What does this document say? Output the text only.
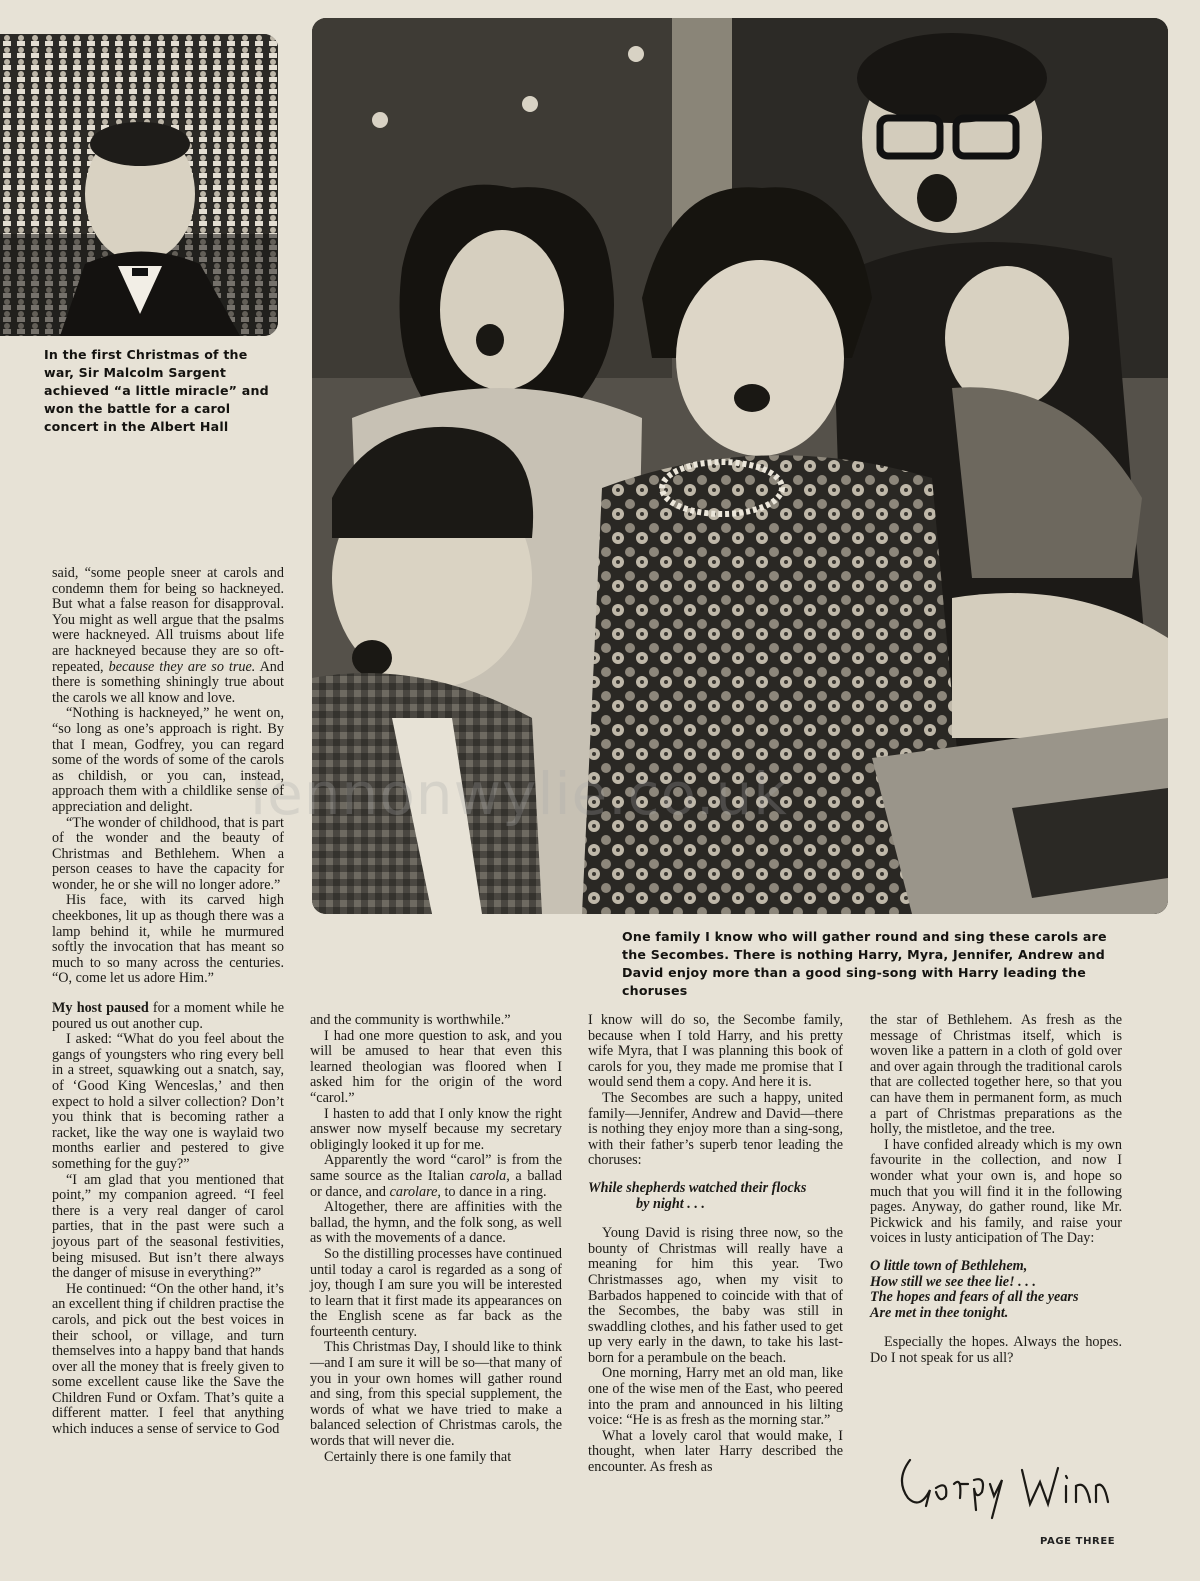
In the first Christmas of the war, Sir Malcolm Sargent achieved “a little miracle” and won the battle for a carol concert in the Albert Hall
One family I know who will gather round and sing these carols are the Secombes. There is nothing Harry, Myra, Jennifer, Andrew and David enjoy more than a good sing-song with Harry leading the choruses
lennonwylie.co.uk

said, “some people sneer at carols and condemn them for being so hackneyed. But what a false reason for disapproval. You might as well argue that the psalms were hackneyed. All truisms about life are hackneyed because they are so oft-repeated, because they are so true. And there is something shiningly true about the carols we all know and love.

“Nothing is hackneyed,” he went on, “so long as one’s approach is right. By that I mean, Godfrey, you can regard some of the words of some of the carols as childish, or you can, instead, approach them with a childlike sense of appreciation and delight.

“The wonder of childhood, that is part of the wonder and the beauty of Christmas and Bethlehem. When a person ceases to have the capacity for wonder, he or she will no longer adore.”

His face, with its carved high cheekbones, lit up as though there was a lamp behind it, while he murmured softly the invocation that has meant so much to so many across the centuries. “O, come let us adore Him.”

My host paused for a moment while he poured us out another cup.

I asked: “What do you feel about the gangs of youngsters who ring every bell in a street, squawking out a snatch, say, of ‘Good King Wenceslas,’ and then expect to hold a silver collection? Don’t you think that is becoming rather a racket, like the way one is waylaid two months earlier and pestered to give something for the guy?”

“I am glad that you mentioned that point,” my companion agreed. “I feel there is a very real danger of carol parties, that in the past were such a joyous part of the seasonal festivities, being misused. But isn’t there always the danger of misuse in everything?”

He continued: “On the other hand, it’s an excellent thing if children practise the carols, and pick out the best voices in their school, or village, and turn themselves into a happy band that hands over all the money that is freely given to some excellent cause like the Save the Children Fund or Oxfam. That’s quite a different matter. I feel that anything which induces a sense of service to God

and the community is worthwhile.”

I had one more question to ask, and you will be amused to hear that even this learned theologian was floored when I asked him for the origin of the word “carol.”

I hasten to add that I only know the right answer now myself because my secretary obligingly looked it up for me.

Apparently the word “carol” is from the same source as the Italian carola, a ballad or dance, and carolare, to dance in a ring.

Altogether, there are affinities with the ballad, the hymn, and the folk song, as well as with the movements of a dance.

So the distilling processes have continued until today a carol is regarded as a song of joy, though I am sure you will be interested to learn that it first made its appearances on the English scene as far back as the fourteenth century.

This Christmas Day, I should like to think—and I am sure it will be so—that many of you in your own homes will gather round and sing, from this special supplement, the words of what we have tried to make a balanced selection of Christmas carols, the words that will never die.

Certainly there is one family that

I know will do so, the Secombe family, because when I told Harry, and his pretty wife Myra, that I was planning this book of carols for you, they made me promise that I would send them a copy. And here it is.

The Secombes are such a happy, united family—Jennifer, Andrew and David—there is nothing they enjoy more than a sing-song, with their father’s superb tenor leading the choruses:

While shepherds watched their flocks

by night . . .

Young David is rising three now, so the bounty of Christmas will really have a meaning for him this year. Two Christmasses ago, when my visit to Barbados happened to coincide with that of the Secombes, the baby was still in swaddling clothes, and his father used to get up very early in the dawn, to take his last-born for a perambule on the beach.

One morning, Harry met an old man, like one of the wise men of the East, who peered into the pram and announced in his lilting voice: “He is as fresh as the morning star.”

What a lovely carol that would make, I thought, when later Harry described the encounter. As fresh as

the star of Bethlehem. As fresh as the message of Christmas itself, which is woven like a pattern in a cloth of gold over and over again through the traditional carols that are collected together here, so that you can have them in permanent form, as much a part of Christmas preparations as the holly, the mistletoe, and the tree.

I have confided already which is my own favourite in the collection, and now I wonder what your own is, and hope so much that you will find it in the following pages. Anyway, do gather round, like Mr. Pickwick and his family, and raise your voices in lusty anticipation of The Day:

O little town of Bethlehem,

How still we see thee lie! . . .

The hopes and fears of all the years

Are met in thee tonight.

Especially the hopes. Always the hopes. Do I not speak for us all?

PAGE THREE
